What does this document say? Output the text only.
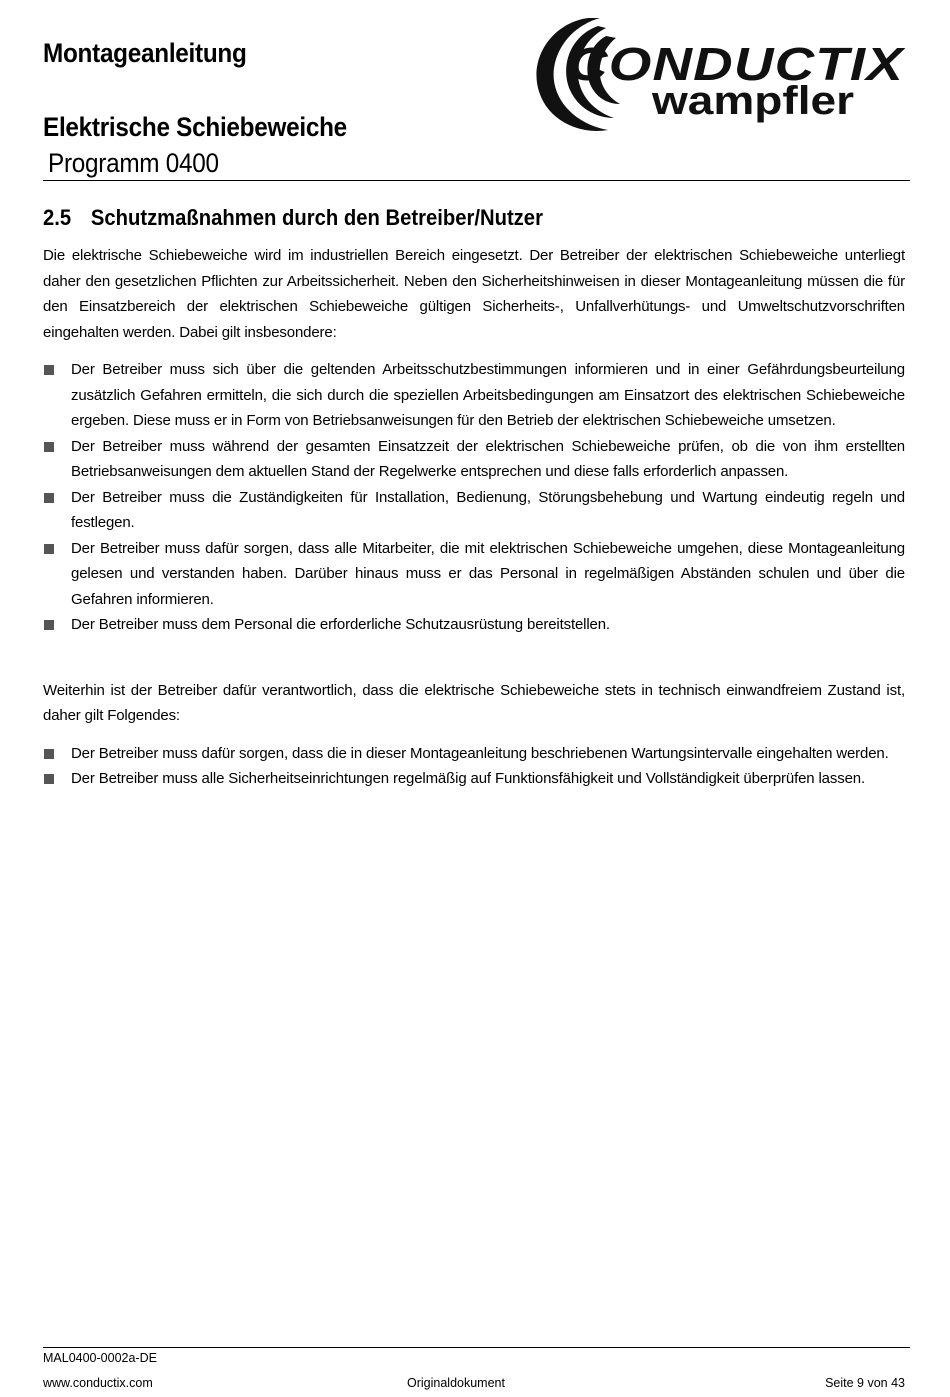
Montageanleitung
Elektrische Schiebeweiche
Programm 0400
CONDUCTIX
wampfler
2.5 Schutzmaßnahmen durch den Betreiber/Nutzer

Die elektrische Schiebeweiche wird im industriellen Bereich eingesetzt. Der Betreiber der elektrischen Schiebeweiche unterliegt daher den gesetzlichen Pflichten zur Arbeitssicherheit. Neben den Sicherheitshinweisen in dieser Montageanleitung müssen die für den Einsatzbereich der elektrischen Schiebeweiche gültigen Sicherheits-, Unfallverhütungs- und Umweltschutzvorschriften eingehalten werden. Dabei gilt insbesondere:

Der Betreiber muss sich über die geltenden Arbeitsschutzbestimmungen informieren und in einer Gefährdungsbeurteilung zusätzlich Gefahren ermitteln, die sich durch die speziellen Arbeitsbedingungen am Einsatzort des elektrischen Schiebeweiche ergeben. Diese muss er in Form von Betriebsanweisungen für den Betrieb der elektrischen Schiebeweiche umsetzen.
Der Betreiber muss während der gesamten Einsatzzeit der elektrischen Schiebeweiche prüfen, ob die von ihm erstellten Betriebsanweisungen dem aktuellen Stand der Regelwerke entsprechen und diese falls erforderlich anpassen.
Der Betreiber muss die Zuständigkeiten für Installation, Bedienung, Störungsbehebung und Wartung eindeutig regeln und festlegen.
Der Betreiber muss dafür sorgen, dass alle Mitarbeiter, die mit elektrischen Schiebeweiche umgehen, diese Montageanleitung gelesen und verstanden haben. Darüber hinaus muss er das Personal in regelmäßigen Abständen schulen und über die Gefahren informieren.
Der Betreiber muss dem Personal die erforderliche Schutzausrüstung bereitstellen.

Weiterhin ist der Betreiber dafür verantwortlich, dass die elektrische Schiebeweiche stets in technisch einwandfreiem Zustand ist, daher gilt Folgendes:

Der Betreiber muss dafür sorgen, dass die in dieser Montageanleitung beschriebenen Wartungsintervalle eingehalten werden.
Der Betreiber muss alle Sicherheitseinrichtungen regelmäßig auf Funktionsfähigkeit und Vollständigkeit überprüfen lassen.
MAL0400-0002a-DE
www.conductix.com	Originaldokument	Seite 9 von 43
